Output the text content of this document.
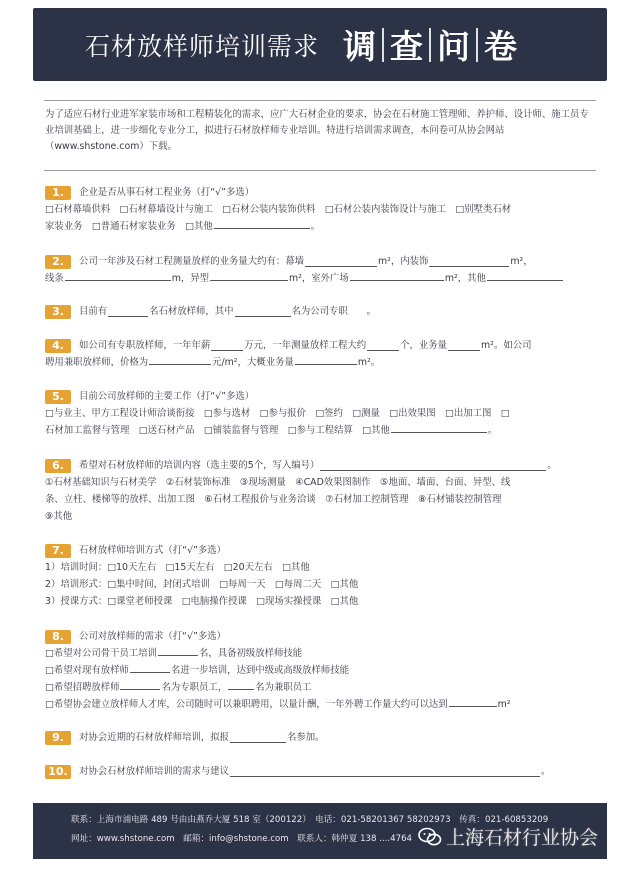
石材放样师培训需求 调 查 问 卷
为了适应石材行业进军家装市场和工程精装化的需求，应广大石材企业的要求，协会在石材施工管理师、养护师、设计师、施工员专业培训基础上，进一步细化专业分工，拟进行石材放样师专业培训。特进行培训需求调查，本问卷可从协会网站（www.shstone.com）下载。
1.	企业是否从事石材工程业务（打“√”多选）
□石材幕墙供料　□石材幕墙设计与施工　□石材公装内装饰供料　□石材公装内装饰设计与施工　□别墅类石材
家装业务　□普通石材家装业务　□其他	。
2.	公司一年涉及石材工程测量放样的业务量大约有：幕墙	m²，内装饰	m²，
线条	m，异型	m²，室外广场	m²，其他
3.	目前有	名石材放样师，其中	名为公司专职
　　 。
4.	如公司有专职放样师，一年年薪	万元，一年测量放样工程大约	个，业务量	m²。如公司
聘用兼职放样师，价格为	元/m²，大概业务量	m²。
5.	目前公司放样师的主要工作（打“√”多选）
□与业主、甲方工程设计师洽谈衔接　□参与选材　□参与报价　□签约　□测量　□出效果图　□出加工图　□
石材加工监督与管理　□送石材产品　□铺装监督与管理　□参与工程结算　□其他	。
6.	希望对石材放样师的培训内容（选主要的5个，写入编号）	。
①石材基础知识与石材美学　②石材装饰标准　③现场测量　④CAD效果图制作　⑤地面、墙面、台面、异型、线
条、立柱、楼梯等的放样、出加工图　⑥石材工程报价与业务洽谈　⑦石材加工控制管理　⑧石材铺装控制管理
⑨其他
7.	石材放样师培训方式（打“√”多选）
1）培训时间：□10天左右　□15天左右　□20天左右　□其他
2）培训形式：□集中时间，封闭式培训　□每周一天　□每周二天　□其他
3）授课方式：□课堂老师授课　□电脑操作授课　□现场实操授课　□其他
8.	公司对放样师的需求（打“√”多选）
□希望对公司骨干员工培训	名，具备初级放样师技能
□希望对现有放样师	名进一步培训，达到中级或高级放样师技能
□希望招聘放样师	名为专职员工，	名为兼职员工
□希望协会建立放样师人才库，公司随时可以兼职聘用，以量计酬，一年外聘工作量大约可以达到	m²
9.	对协会近期的石材放样师培训，拟报	名参加。
10.	对协会石材放样师培训的需求与建议	。
联系：上海市浦电路 489 号由由燕乔大厦 518 室（200122）　电话：021-58201367 58202973　传真：021-60853209
网址：www.shstone.com　邮箱：info@shstone.com　联系人：韩仲夏 138 ....4764 上海石材行业协会
